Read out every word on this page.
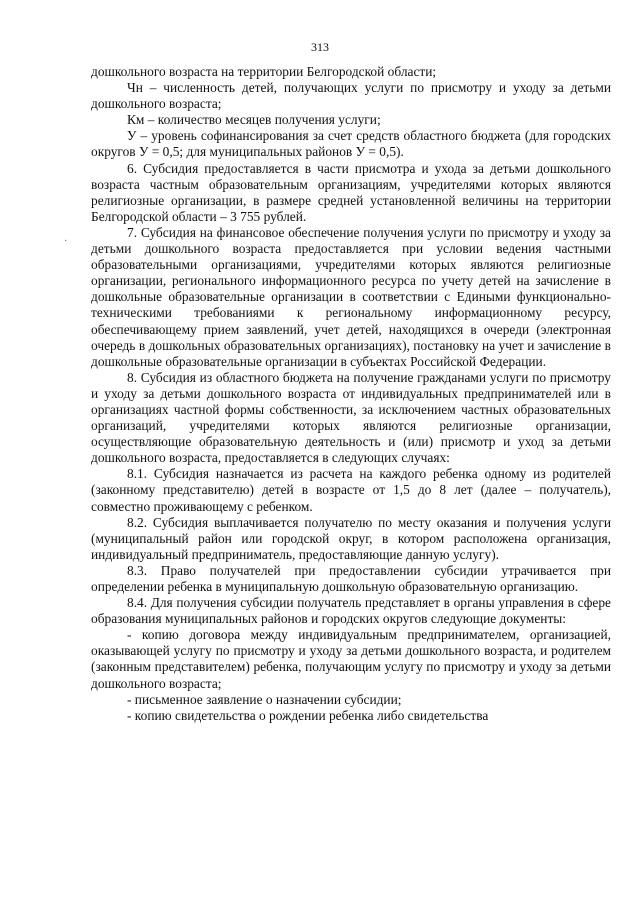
313
·

дошкольного возраста на территории Белгородской области;

Чн – численность детей, получающих услуги по присмотру и уходу за детьми дошкольного возраста;

Км – количество месяцев получения услуги;

У – уровень софинансирования за счет средств областного бюджета (для городских округов У = 0,5; для муниципальных районов У = 0,5).

6. Субсидия предоставляется в части присмотра и ухода за детьми дошкольного возраста частным образовательным организациям, учредителями которых являются религиозные организации, в размере средней установленной величины на территории Белгородской области – 3 755 рублей.

7. Субсидия на финансовое обеспечение получения услуги по присмотру и уходу за детьми дошкольного возраста предоставляется при условии ведения частными образовательными организациями, учредителями которых являются религиозные организации, регионального информационного ресурса по учету детей на зачисление в дошкольные образовательные организации в соответствии с Едиными функционально-техническими требованиями к региональному информационному ресурсу, обеспечивающему прием заявлений, учет детей, находящихся в очереди (электронная очередь в дошкольных образовательных организациях), постановку на учет и зачисление в дошкольные образовательные организации в субъектах Российской Федерации.

8. Субсидия из областного бюджета на получение гражданами услуги по присмотру и уходу за детьми дошкольного возраста от индивидуальных предпринимателей или в организациях частной формы собственности, за исключением частных образовательных организаций, учредителями которых являются религиозные организации, осуществляющие образовательную деятельность и (или) присмотр и уход за детьми дошкольного возраста, предоставляется в следующих случаях:

8.1. Субсидия назначается из расчета на каждого ребенка одному из родителей (законному представителю) детей в возрасте от 1,5 до 8 лет (далее – получатель), совместно проживающему с ребенком.

8.2. Субсидия выплачивается получателю по месту оказания и получения услуги (муниципальный район или городской округ, в котором расположена организация, индивидуальный предприниматель, предоставляющие данную услугу).

8.3. Право получателей при предоставлении субсидии утрачивается при определении ребенка в муниципальную дошкольную образовательную организацию.

8.4. Для получения субсидии получатель представляет в органы управления в сфере образования муниципальных районов и городских округов следующие документы:

- копию договора между индивидуальным предпринимателем, организацией, оказывающей услугу по присмотру и уходу за детьми дошкольного возраста, и родителем (законным представителем) ребенка, получающим услугу по присмотру и уходу за детьми дошкольного возраста;

- письменное заявление о назначении субсидии;

- копию свидетельства о рождении ребенка либо свидетельства
